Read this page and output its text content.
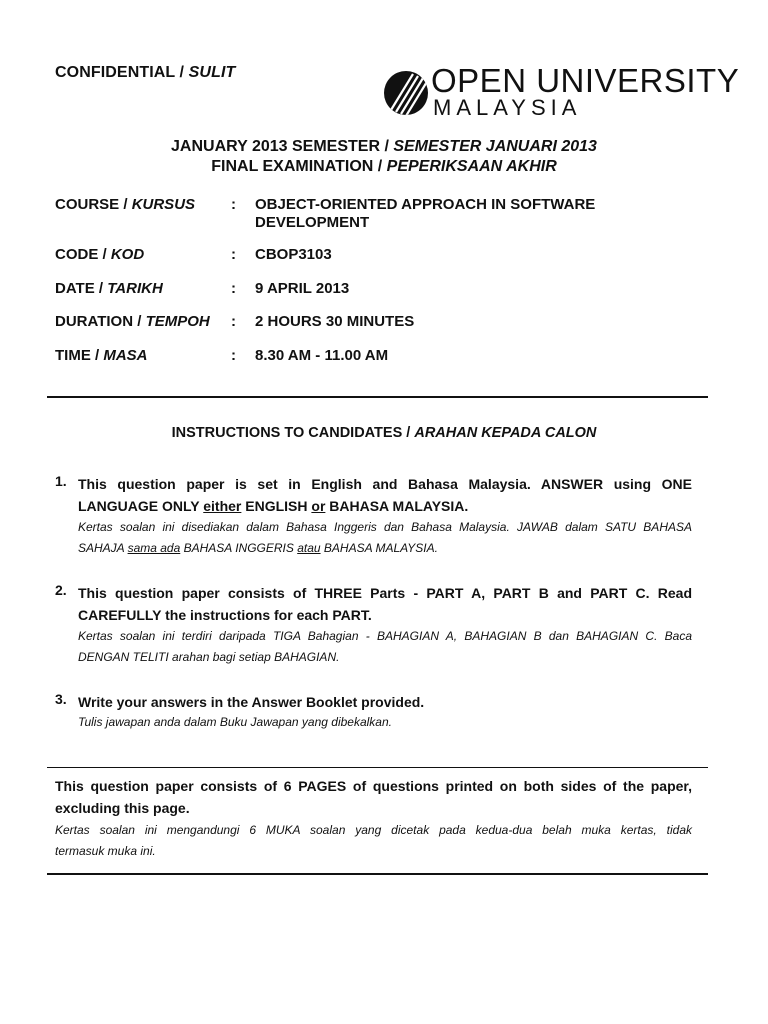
CONFIDENTIAL / SULIT	OPEN UNIVERSITY
MALAYSIA
JANUARY 2013 SEMESTER / SEMESTER JANUARI 2013
FINAL EXAMINATION / PEPERIKSAAN AKHIR
COURSE / KURSUS : OBJECT-ORIENTED APPROACH IN SOFTWARE
DEVELOPMENT
CODE / KOD	: CBOP3103
DATE / TARIKH	: 9 APRIL 2013
DURATION / TEMPOH : 2 HOURS 30 MINUTES
TIME / MASA	: 8.30 AM - 11.00 AM
INSTRUCTIONS TO CANDIDATES / ARAHAN KEPADA CALON
1. This question paper is set in English and Bahasa Malaysia. ANSWER using ONE
LANGUAGE ONLY either ENGLISH or BAHASA MALAYSIA.
Kertas soalan ini disediakan dalam Bahasa Inggeris dan Bahasa Malaysia. JAWAB dalam SATU BAHASA
SAHAJA sama ada BAHASA INGGERIS atau BAHASA MALAYSIA.
2. This question paper consists of THREE Parts - PART A, PART B and PART C. Read
CAREFULLY the instructions for each PART.
Kertas soalan ini terdiri daripada TIGA Bahagian - BAHAGIAN A, BAHAGIAN B dan BAHAGIAN C. Baca
DENGAN TELITI arahan bagi setiap BAHAGIAN.
3. Write your answers in the Answer Booklet provided.
Tulis jawapan anda dalam Buku Jawapan yang dibekalkan.
This question paper consists of 6 PAGES of questions printed on both sides of the paper,
excluding this page.
Kertas soalan ini mengandungi 6 MUKA soalan yang dicetak pada kedua-dua belah muka kertas, tidak
termasuk muka ini.
